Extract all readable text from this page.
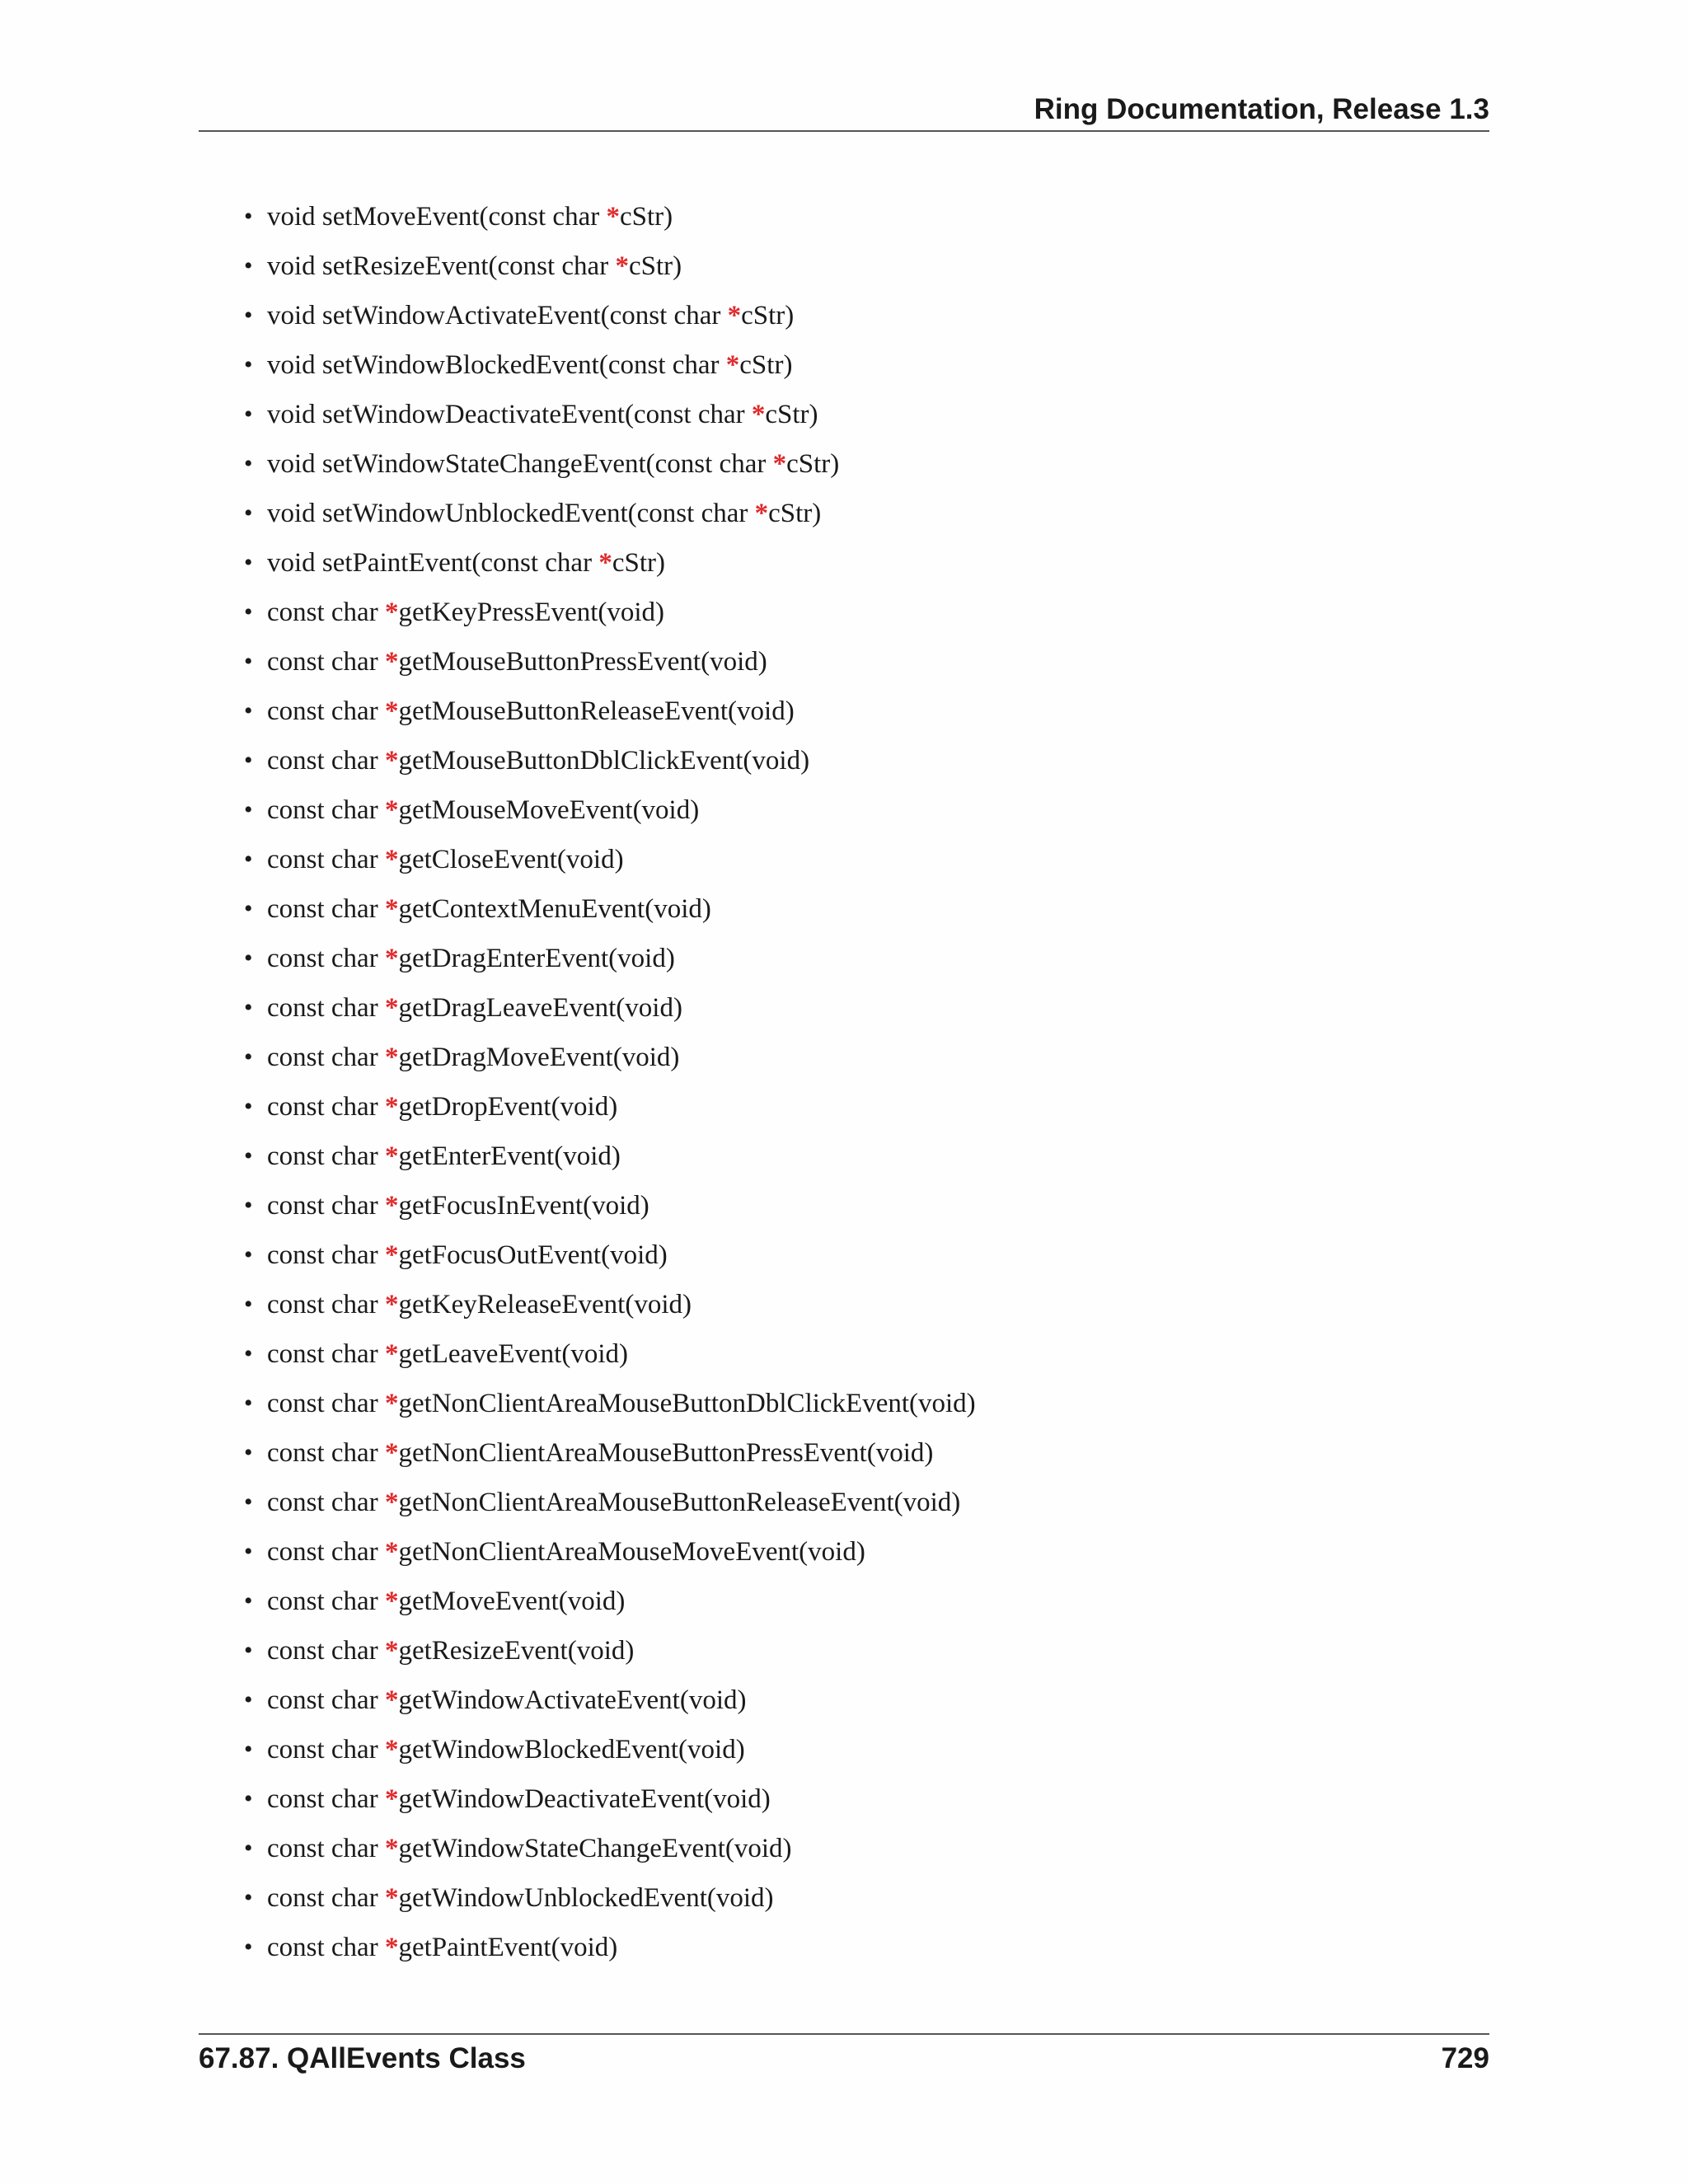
Ring Documentation, Release 1.3
• void setMoveEvent(const char *cStr)
• void setResizeEvent(const char *cStr)
• void setWindowActivateEvent(const char *cStr)
• void setWindowBlockedEvent(const char *cStr)
• void setWindowDeactivateEvent(const char *cStr)
• void setWindowStateChangeEvent(const char *cStr)
• void setWindowUnblockedEvent(const char *cStr)
• void setPaintEvent(const char *cStr)
• const char *getKeyPressEvent(void)
• const char *getMouseButtonPressEvent(void)
• const char *getMouseButtonReleaseEvent(void)
• const char *getMouseButtonDblClickEvent(void)
• const char *getMouseMoveEvent(void)
• const char *getCloseEvent(void)
• const char *getContextMenuEvent(void)
• const char *getDragEnterEvent(void)
• const char *getDragLeaveEvent(void)
• const char *getDragMoveEvent(void)
• const char *getDropEvent(void)
• const char *getEnterEvent(void)
• const char *getFocusInEvent(void)
• const char *getFocusOutEvent(void)
• const char *getKeyReleaseEvent(void)
• const char *getLeaveEvent(void)
• const char *getNonClientAreaMouseButtonDblClickEvent(void)
• const char *getNonClientAreaMouseButtonPressEvent(void)
• const char *getNonClientAreaMouseButtonReleaseEvent(void)
• const char *getNonClientAreaMouseMoveEvent(void)
• const char *getMoveEvent(void)
• const char *getResizeEvent(void)
• const char *getWindowActivateEvent(void)
• const char *getWindowBlockedEvent(void)
• const char *getWindowDeactivateEvent(void)
• const char *getWindowStateChangeEvent(void)
• const char *getWindowUnblockedEvent(void)
• const char *getPaintEvent(void)
67.87. QAllEvents Class	729
